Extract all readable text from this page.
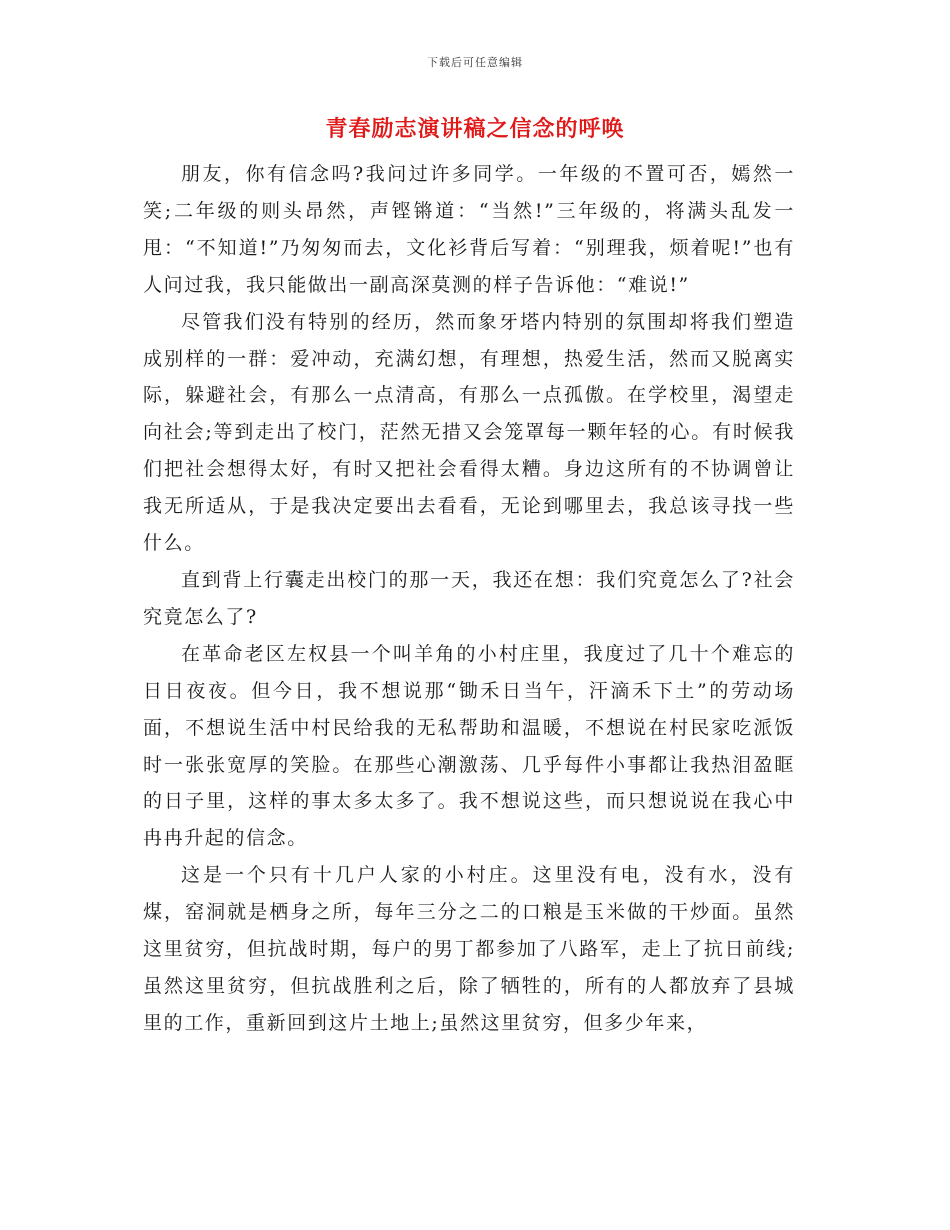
下载后可任意编辑
青春励志演讲稿之信念的呼唤

朋友，你有信念吗?我问过许多同学。一年级的不置可否，嫣然一笑;二年级的则头昂然，声铿锵道：“当然!”三年级的，将满头乱发一甩：“不知道!”乃匆匆而去，文化衫背后写着：“别理我，烦着呢!”也有人问过我，我只能做出一副高深莫测的样子告诉他：“难说!”

尽管我们没有特别的经历，然而象牙塔内特别的氛围却将我们塑造成别样的一群：爱冲动，充满幻想，有理想，热爱生活，然而又脱离实际，躲避社会，有那么一点清高，有那么一点孤傲。在学校里，渴望走向社会;等到走出了校门，茫然无措又会笼罩每一颗年轻的心。有时候我们把社会想得太好，有时又把社会看得太糟。身边这所有的不协调曾让我无所适从，于是我决定要出去看看，无论到哪里去，我总该寻找一些什么。

直到背上行囊走出校门的那一天，我还在想：我们究竟怎么了?社会究竟怎么了?

在革命老区左权县一个叫羊角的小村庄里，我度过了几十个难忘的日日夜夜。但今日，我不想说那“锄禾日当午，汗滴禾下土”的劳动场面，不想说生活中村民给我的无私帮助和温暖，不想说在村民家吃派饭时一张张宽厚的笑脸。在那些心潮激荡、几乎每件小事都让我热泪盈眶的日子里，这样的事太多太多了。我不想说这些，而只想说说在我心中冉冉升起的信念。

这是一个只有十几户人家的小村庄。这里没有电，没有水，没有煤，窑洞就是栖身之所，每年三分之二的口粮是玉米做的干炒面。虽然这里贫穷，但抗战时期，每户的男丁都参加了八路军，走上了抗日前线;虽然这里贫穷，但抗战胜利之后，除了牺牲的，所有的人都放弃了县城里的工作，重新回到这片土地上;虽然这里贫穷，但多少年来，
